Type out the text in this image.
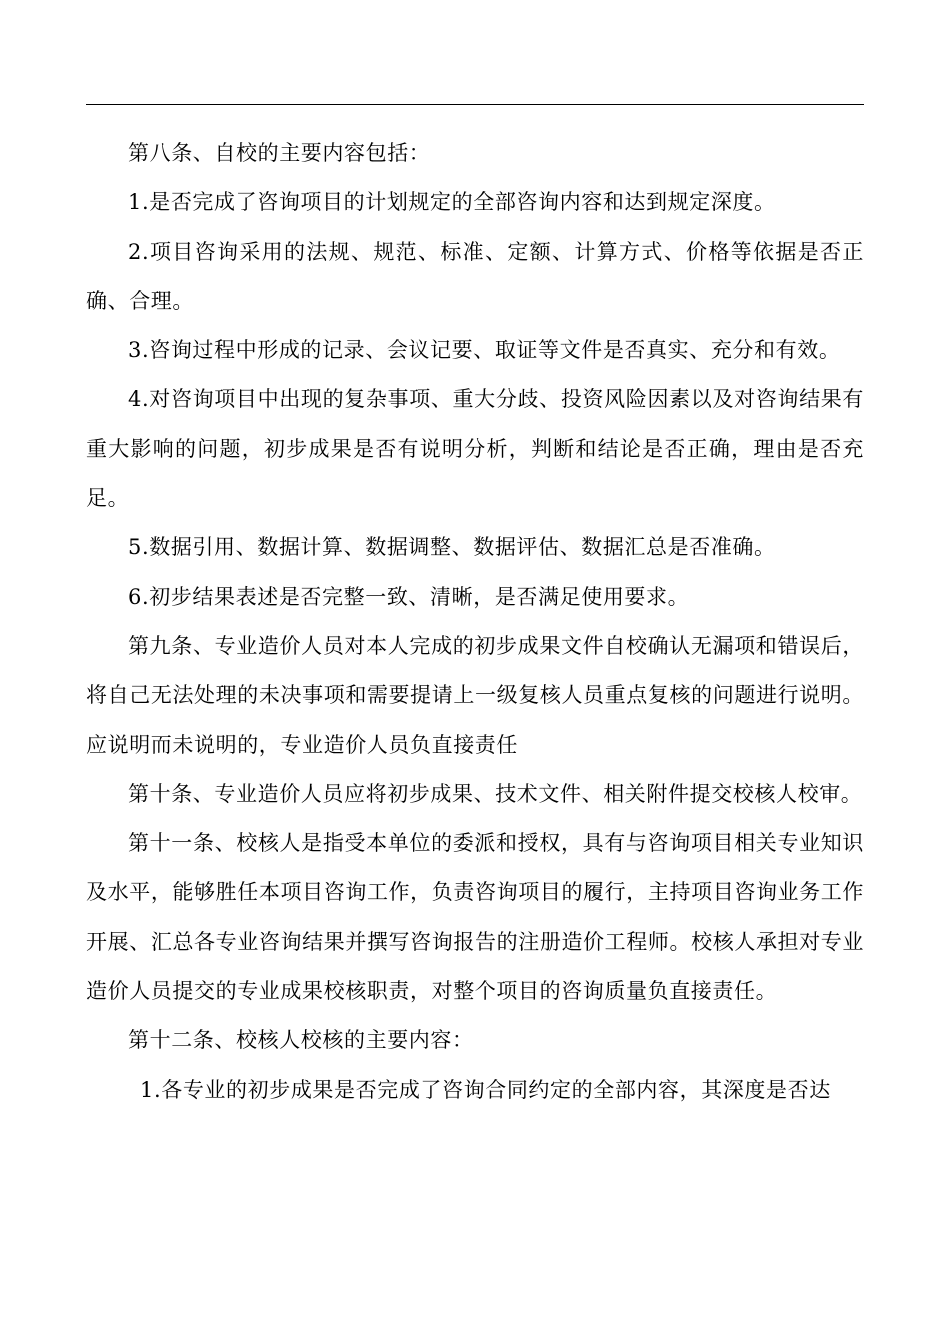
第八条、自校的主要内容包括：

1.是否完成了咨询项目的计划规定的全部咨询内容和达到规定深度。

2.项目咨询采用的法规、规范、标准、定额、计算方式、价格等依据是否正确、合理。

3.咨询过程中形成的记录、会议记要、取证等文件是否真实、充分和有效。

4.对咨询项目中出现的复杂事项、重大分歧、投资风险因素以及对咨询结果有重大影响的问题，初步成果是否有说明分析，判断和结论是否正确，理由是否充足。

5.数据引用、数据计算、数据调整、数据评估、数据汇总是否准确。

6.初步结果表述是否完整一致、清晰，是否满足使用要求。

第九条、专业造价人员对本人完成的初步成果文件自校确认无漏项和错误后，将自己无法处理的未决事项和需要提请上一级复核人员重点复核的问题进行说明。应说明而未说明的，专业造价人员负直接责任

第十条、专业造价人员应将初步成果、技术文件、相关附件提交校核人校审。

第十一条、校核人是指受本单位的委派和授权，具有与咨询项目相关专业知识及水平，能够胜任本项目咨询工作，负责咨询项目的履行，主持项目咨询业务工作开展、汇总各专业咨询结果并撰写咨询报告的注册造价工程师。校核人承担对专业造价人员提交的专业成果校核职责，对整个项目的咨询质量负直接责任。

第十二条、校核人校核的主要内容：

1.各专业的初步成果是否完成了咨询合同约定的全部内容，其深度是否达
